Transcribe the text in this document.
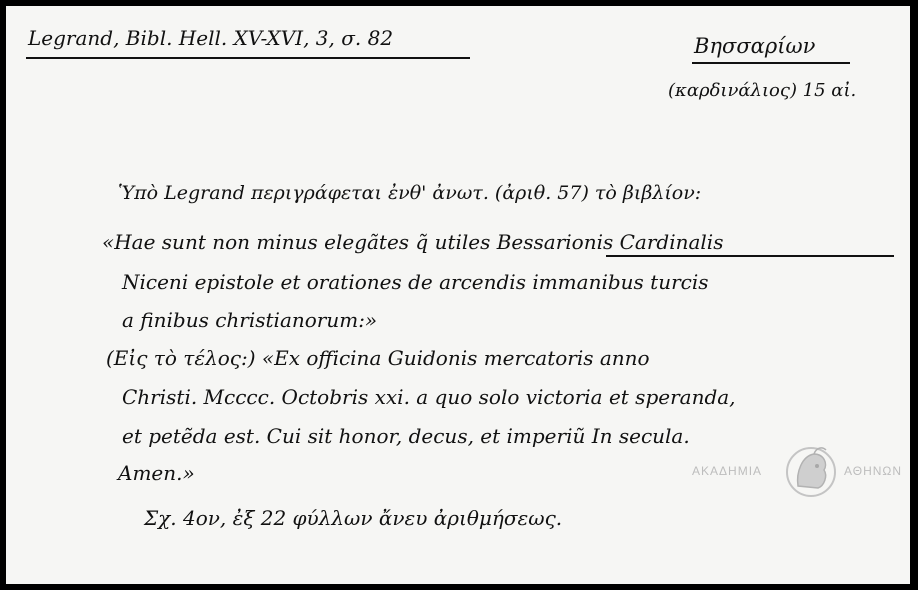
Legrand, Bibl. Hell. XV-XVI, 3, σ. 82	Βησσαρίων
(καρδινάλιος) 15 αἰ.
Ὑπὸ Legrand περιγράφεται ἐνθ' ἀνωτ. (ἀριθ. 57) τὸ βιβλίον:
«Hae sunt non minus elegãtes q̃ utiles Bessarionis Cardinalis
Niceni epistole et orationes de arcendis immanibus turcis
a finibus christianorum:»
(Εἰς τὸ τέλος:) «Ex officina Guidonis mercatoris anno
Christi. Mcccc. Octobris xxi. a quo solo victoria et speranda,
et petẽda est. Cui sit honor, decus, et imperiũ In secula.
Amen.»
Σχ. 4ον, ἐξ 22 φύλλων ἄνευ ἀριθμήσεως.
ΑΚΑΔΗΜΙΑ	ΑΘΗΝΩΝ
